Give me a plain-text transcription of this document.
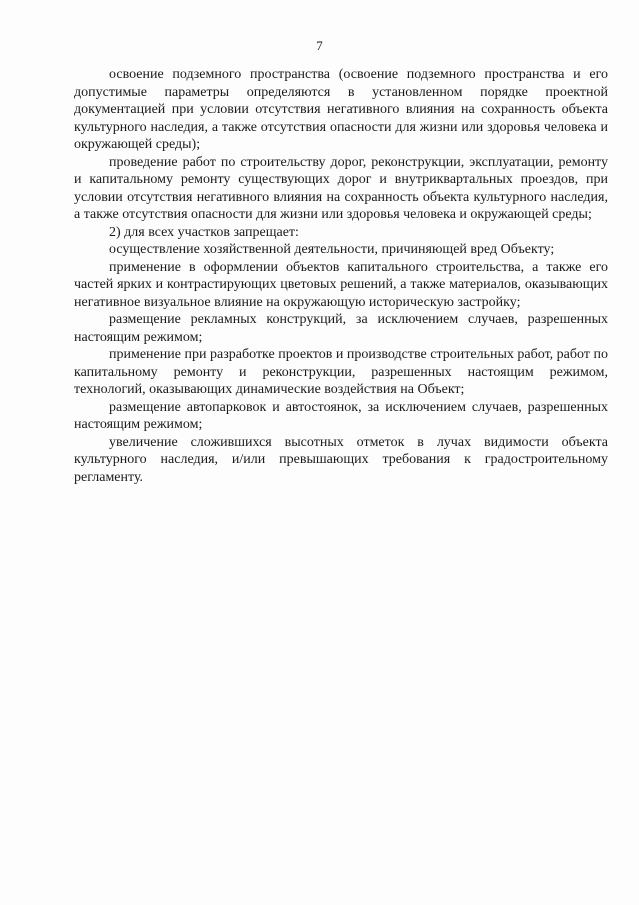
7

освоение подземного пространства (освоение подземного пространства и его допустимые параметры определяются в установленном порядке проектной документацией при условии отсутствия негативного влияния на сохранность объекта культурного наследия, а также отсутствия опасности для жизни или здоровья человека и окружающей среды);

проведение работ по строительству дорог, реконструкции, эксплуатации, ремонту и капитальному ремонту существующих дорог и внутриквартальных проездов, при условии отсутствия негативного влияния на сохранность объекта культурного наследия, а также отсутствия опасности для жизни или здоровья человека и окружающей среды;

2) для всех участков запрещает:

осуществление хозяйственной деятельности, причиняющей вред Объекту;

применение в оформлении объектов капитального строительства, а также его частей ярких и контрастирующих цветовых решений, а также материалов, оказывающих негативное визуальное влияние на окружающую историческую застройку;

размещение рекламных конструкций, за исключением случаев, разрешенных настоящим режимом;

применение при разработке проектов и производстве строительных работ, работ по капитальному ремонту и реконструкции, разрешенных настоящим режимом, технологий, оказывающих динамические воздействия на Объект;

размещение автопарковок и автостоянок, за исключением случаев, разрешенных настоящим режимом;

увеличение сложившихся высотных отметок в лучах видимости объекта культурного наследия, и/или превышающих требования к градостроительному регламенту.
